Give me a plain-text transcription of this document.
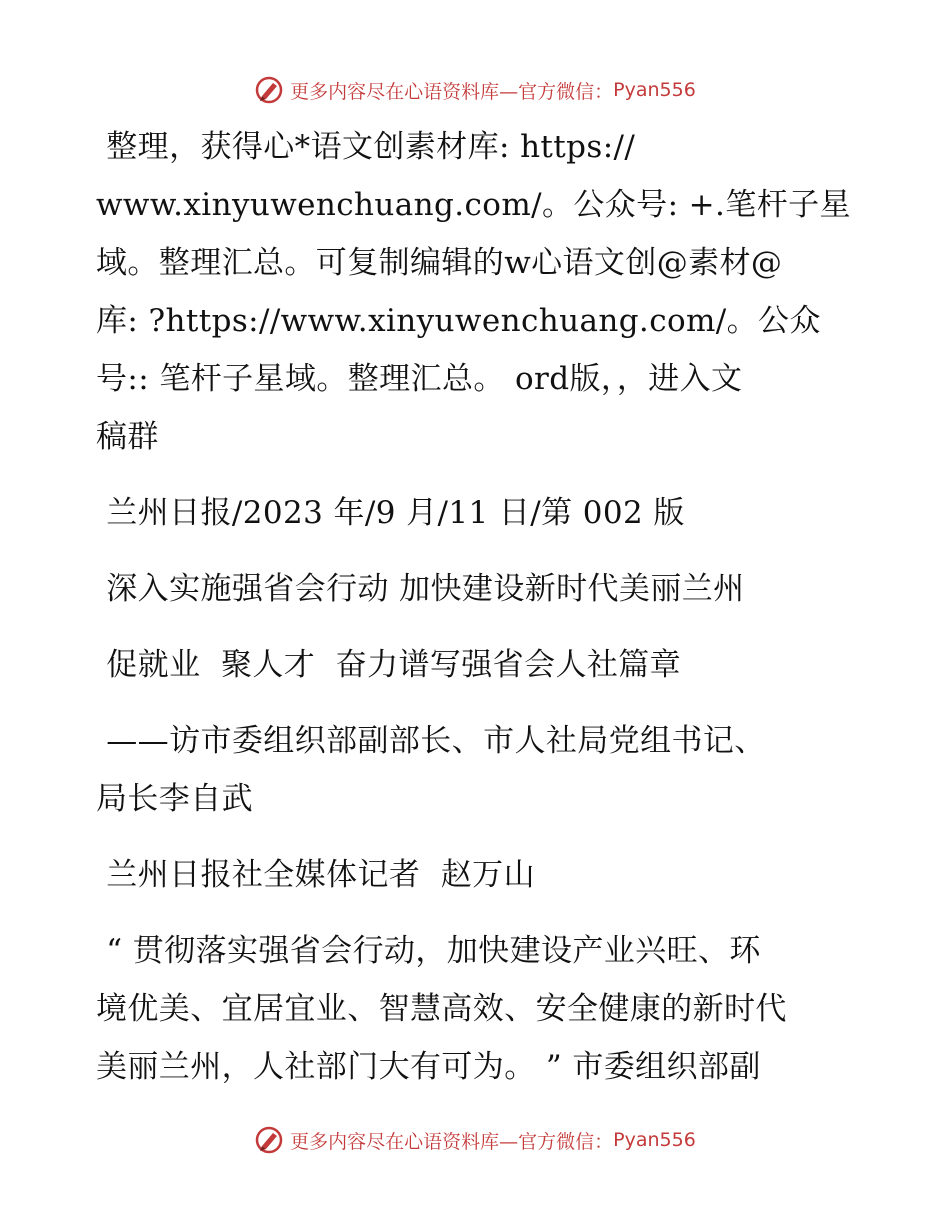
更多内容尽在心语资料库—官方微信： Pyan556

整理，获得心*语文创素材库: https://
www.xinyuwenchuang.com/。公众号: +.笔杆子星
域。整理汇总。可复制编辑的w心语文创@素材@
库: ?https://www.xinyuwenchuang.com/。公众
号:: 笔杆子星域。整理汇总。 ord版，，进入文
稿群

兰州日报/2023 年/9 月/11 日/第 002 版

深入实施强省会行动 加快建设新时代美丽兰州

促就业  聚人才  奋力谱写强省会人社篇章

——访市委组织部副部长、市人社局党组书记、
局长李自武

兰州日报社全媒体记者  赵万山

“ 贯彻落实强省会行动，加快建设产业兴旺、环
境优美、宜居宜业、智慧高效、安全健康的新时代
美丽兰州，人社部门大有可为。 ” 市委组织部副

更多内容尽在心语资料库—官方微信： Pyan556
